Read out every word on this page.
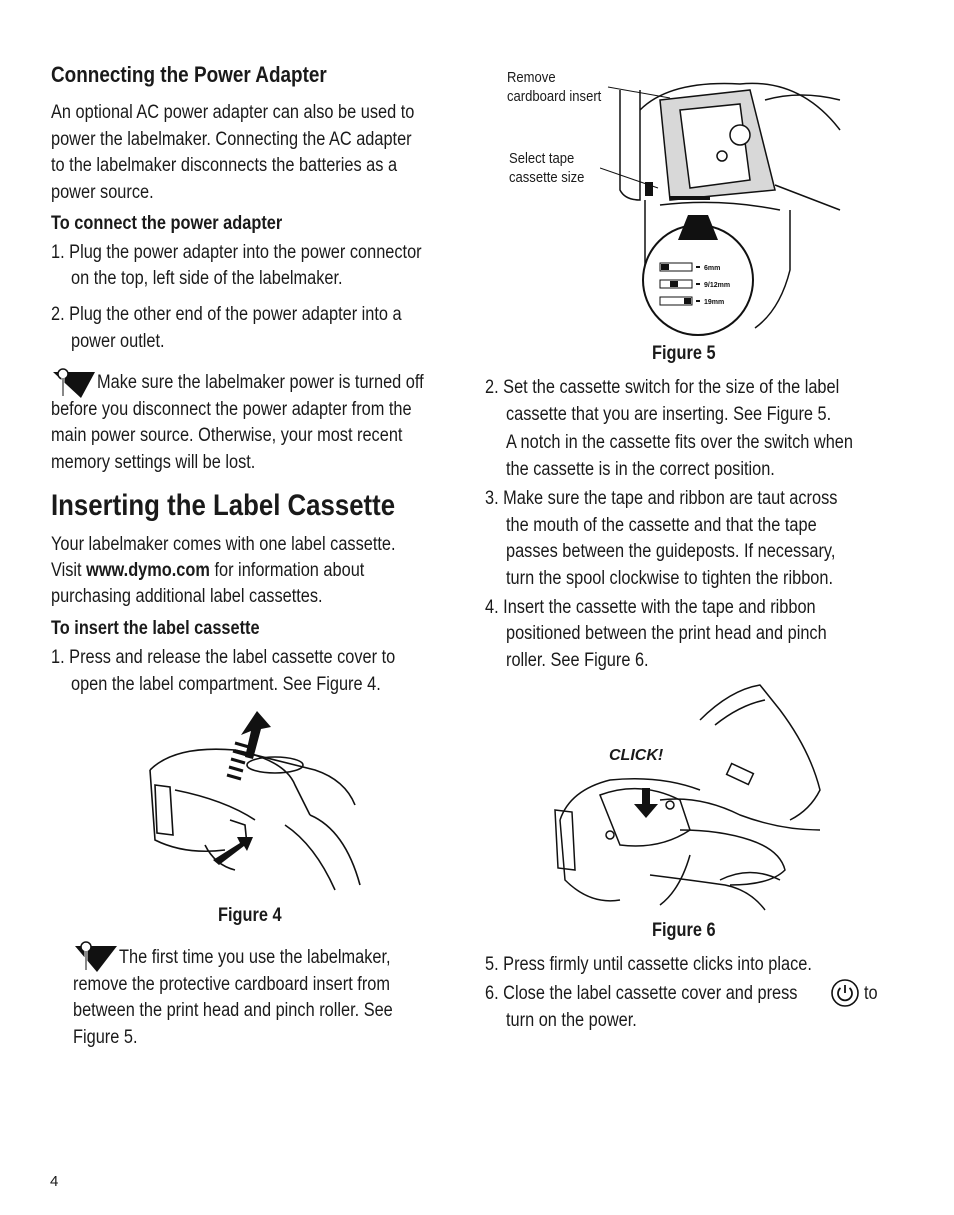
Connecting the Power Adapter
An optional AC power adapter can also be used to
power the labelmaker. Connecting the AC adapter
to the labelmaker disconnects the batteries as a
power source.
To connect the power adapter
1. Plug the power adapter into the power connector
on the top, left side of the labelmaker.
2. Plug the other end of the power adapter into a
power outlet.
Make sure the labelmaker power is turned off
before you disconnect the power adapter from the
main power source. Otherwise, your most recent
memory settings will be lost.
Inserting the Label Cassette
Your labelmaker comes with one label cassette.
Visit www.dymo.com for information about
purchasing additional label cassettes.
To insert the label cassette
1. Press and release the label cassette cover to
open the label compartment. See Figure 4.
Figure 4
The first time you use the labelmaker,
remove the protective cardboard insert from
between the print head and pinch roller. See
Figure 5.
6mm
9/12mm
19mm
Remove
cardboard insert
Select tape
cassette size
Figure 5
2. Set the cassette switch for the size of the label
cassette that you are inserting. See Figure 5.
A notch in the cassette fits over the switch when
the cassette is in the correct position.
3. Make sure the tape and ribbon are taut across
the mouth of the cassette and that the tape
passes between the guideposts. If necessary,
turn the spool clockwise to tighten the ribbon.
4. Insert the cassette with the tape and ribbon
positioned between the print head and pinch
roller. See Figure 6.
CLICK!
Figure 6
5. Press firmly until cassette clicks into place.
6. Close the label cassette cover and press	to
turn on the power.
4
